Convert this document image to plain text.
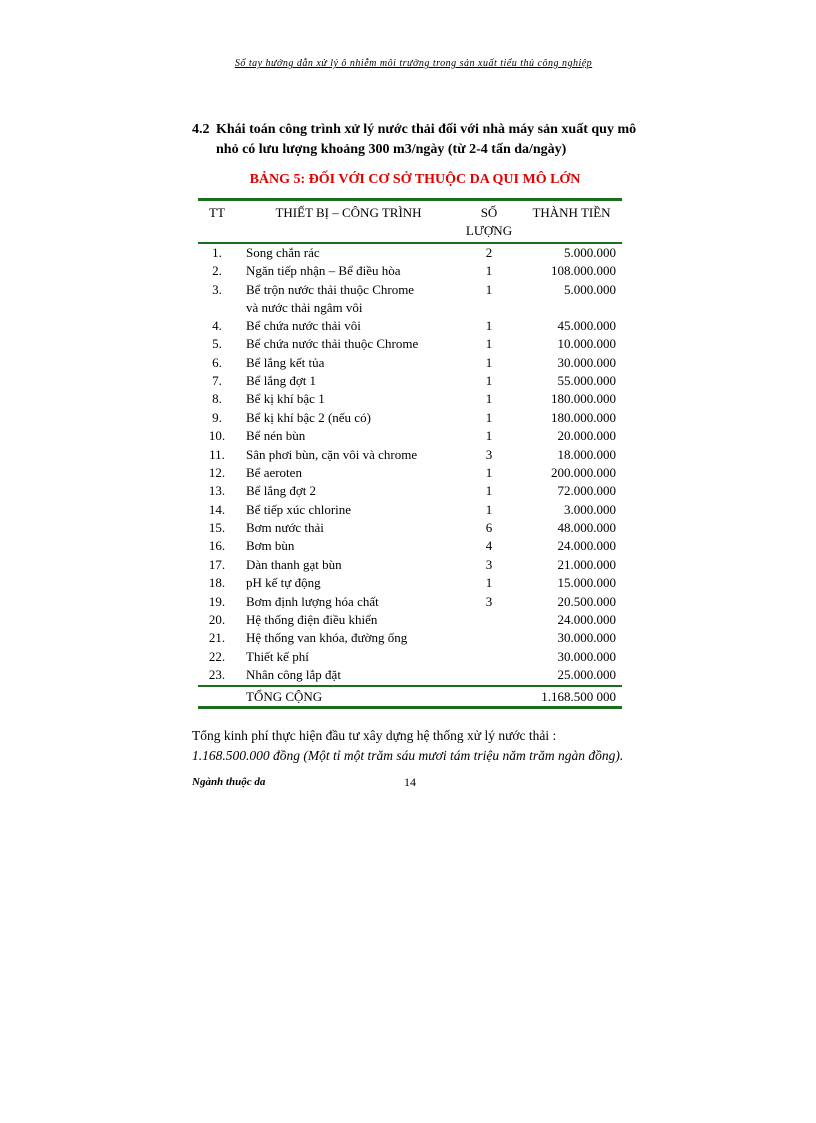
Sổ tay hướng dẫn xử lý ô nhiễm môi trường trong sản xuất tiểu thủ công nghiệp
4.2 Khái toán công trình xử lý nước thải đối với nhà máy sản xuất quy mô nhỏ có lưu lượng khoảng 300 m3/ngày (từ 2-4 tấn da/ngày)
BẢNG 5: ĐỐI VỚI CƠ SỞ THUỘC DA QUI MÔ LỚN
TT	THIẾT BỊ – CÔNG TRÌNH	SỐ LƯỢNG	THÀNH TIỀN
1.	Song chắn rác	2	5.000.000
2.	Ngăn tiếp nhận – Bể điều hòa	1	108.000.000
3.	Bể trộn nước thải thuộc Chrome
và nước thải ngâm vôi	1	5.000.000
4.	Bể chứa nước thải vôi	1	45.000.000
5.	Bể chứa nước thải thuộc Chrome	1	10.000.000
6.	Bể lắng kết tủa	1	30.000.000
7.	Bể lắng đợt 1	1	55.000.000
8.	Bể kị khí bậc 1	1	180.000.000
9.	Bể kị khí bậc 2 (nếu có)	1	180.000.000
10.	Bể nén bùn	1	20.000.000
11.	Sân phơi bùn, cặn vôi và chrome	3	18.000.000
12.	Bể aeroten	1	200.000.000
13.	Bể lắng đợt 2	1	72.000.000
14.	Bể tiếp xúc chlorine	1	3.000.000
15.	Bơm nước thải	6	48.000.000
16.	Bơm bùn	4	24.000.000
17.	Dàn thanh gạt bùn	3	21.000.000
18.	pH kế tự động	1	15.000.000
19.	Bơm định lượng hóa chất	3	20.500.000
20.	Hệ thống điện điều khiển		24.000.000
21.	Hệ thống van khóa, đường ống		30.000.000
22.	Thiết kế phí		30.000.000
23.	Nhân công lắp đặt		25.000.000
	TỔNG CỘNG		1.168.500 000
Tổng kinh phí thực hiện đầu tư xây dựng hệ thống xử lý nước thải :
1.168.500.000 đồng (Một tỉ một trăm sáu mươi tám triệu năm trăm ngàn đồng).
Ngành thuộc da	14
